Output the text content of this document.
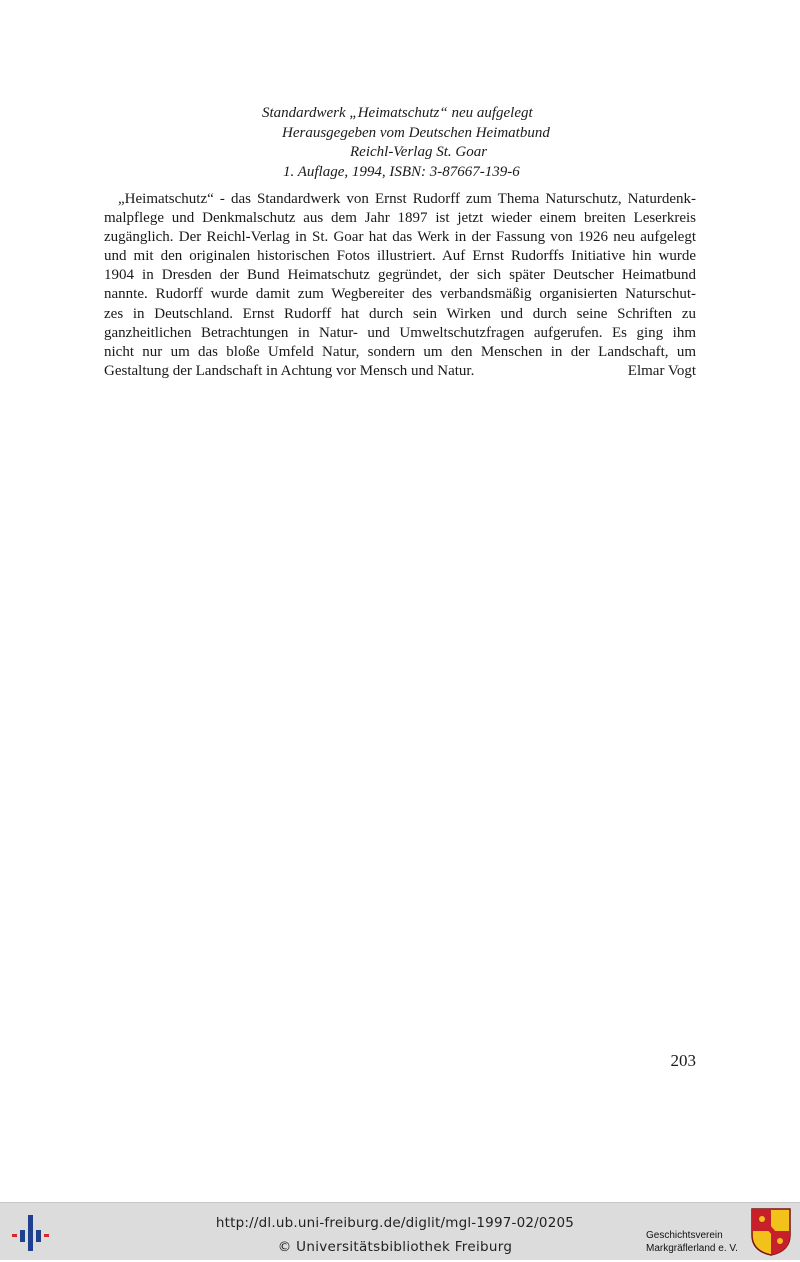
Standardwerk „Heimatschutz“ neu aufgelegt
Herausgegeben vom Deutschen Heimatbund
Reichl-Verlag St. Goar
1. Auflage, 1994, ISBN: 3-87667-139-6
„Heimatschutz“ - das Standardwerk von Ernst Rudorff zum Thema Naturschutz, Naturdenk-
malpflege und Denkmalschutz aus dem Jahr 1897 ist jetzt wieder einem breiten Leserkreis
zugänglich. Der Reichl-Verlag in St. Goar hat das Werk in der Fassung von 1926 neu aufgelegt
und mit den originalen historischen Fotos illustriert. Auf Ernst Rudorffs Initiative hin wurde
1904 in Dresden der Bund Heimatschutz gegründet, der sich später Deutscher Heimatbund
nannte. Rudorff wurde damit zum Wegbereiter des verbandsmäßig organisierten Naturschut-
zes in Deutschland. Ernst Rudorff hat durch sein Wirken und durch seine Schriften zu
ganzheitlichen Betrachtungen in Natur- und Umweltschutzfragen aufgerufen. Es ging ihm
nicht nur um das bloße Umfeld Natur, sondern um den Menschen in der Landschaft, um
Gestaltung der Landschaft in Achtung vor Mensch und Natur.	Elmar Vogt
203
http://dl.ub.uni-freiburg.de/diglit/mgl-1997-02/0205
© Universitätsbibliothek Freiburg
Geschichtsverein
Markgräflerland e. V.
